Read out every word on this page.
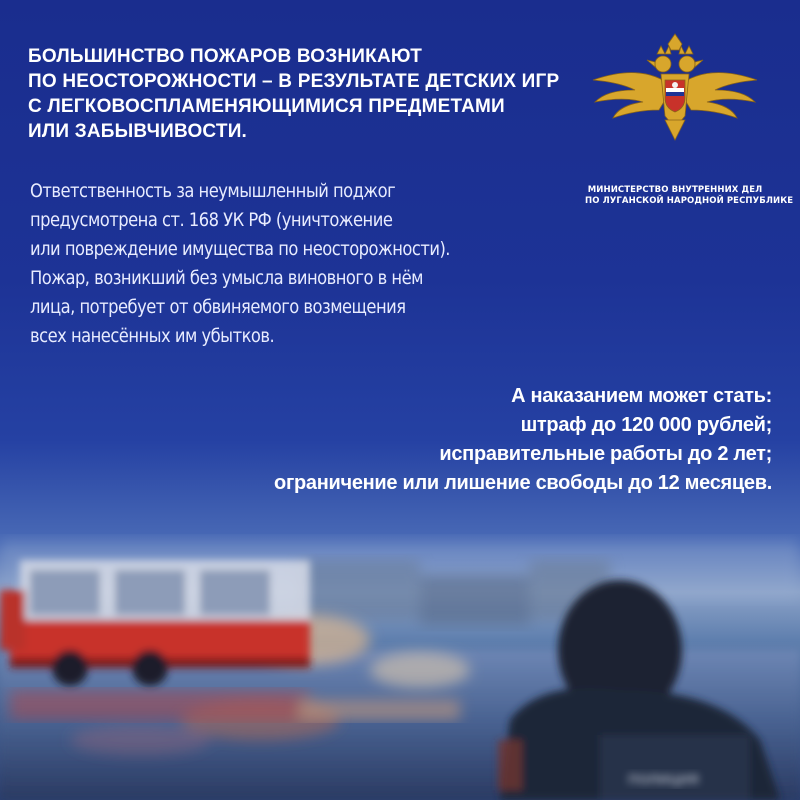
ПОЛИЦИЯ
БОЛЬШИНСТВО ПОЖАРОВ ВОЗНИКАЮТ
ПО НЕОСТОРОЖНОСТИ – В РЕЗУЛЬТАТЕ ДЕТСКИХ ИГР
С ЛЕГКОВОСПЛАМЕНЯЮЩИМИСЯ ПРЕДМЕТАМИ
ИЛИ ЗАБЫВЧИВОСТИ.
Ответственность за неумышленный поджог
предусмотрена ст. 168 УК РФ (уничтожение
или повреждение имущества по неосторожности).
Пожар, возникший без умысла виновного в нём
лица, потребует от обвиняемого возмещения
всех нанесённых им убытков.
А наказанием может стать:
штраф до 120 000 рублей;
исправительные работы до 2 лет;
ограничение или лишение свободы до 12 месяцев.
МИНИСТЕРСТВО ВНУТРЕННИХ ДЕЛ
ПО ЛУГАНСКОЙ НАРОДНОЙ РЕСПУБЛИКЕ
